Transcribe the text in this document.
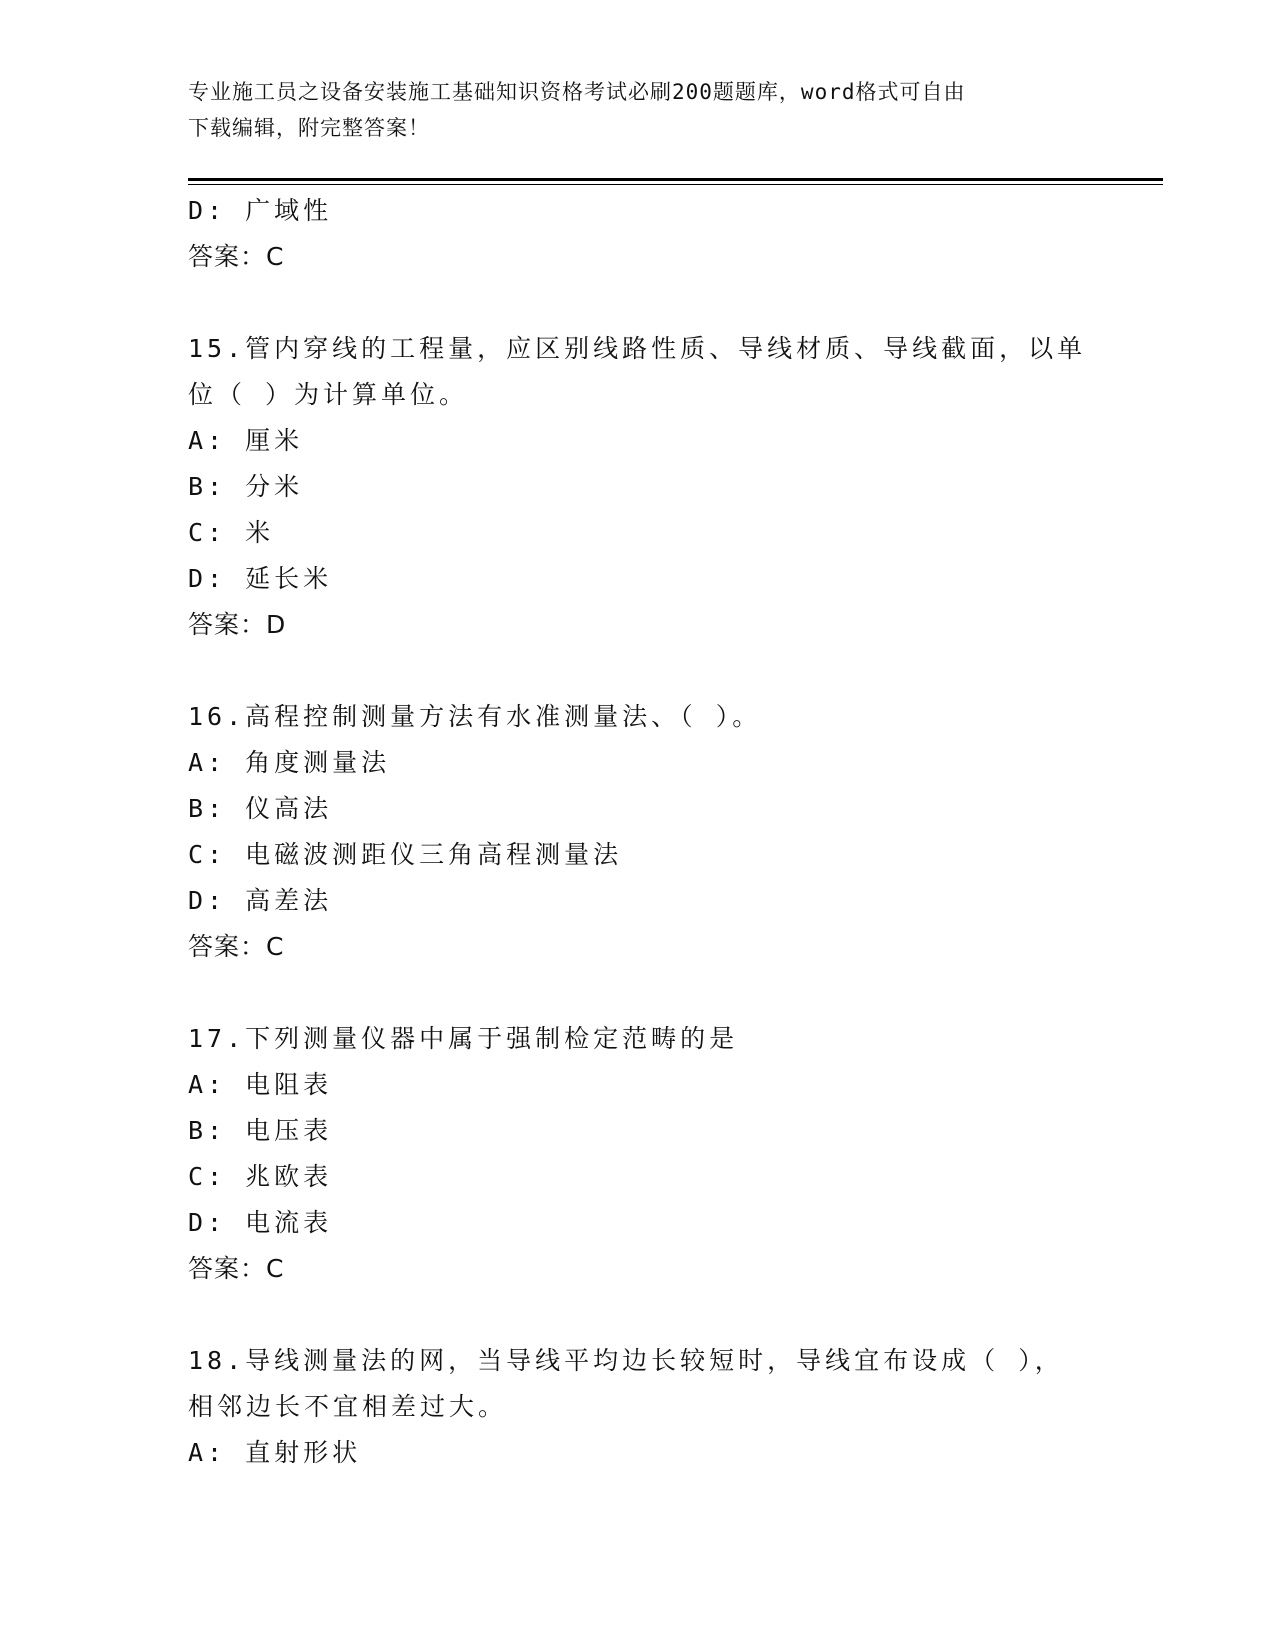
专业施工员之设备安装施工基础知识资格考试必刷200题题库，word格式可自由
下载编辑，附完整答案！
D: 广域性
答案：C
15.管内穿线的工程量，应区别线路性质、导线材质、导线截面，以单
位（ ）为计算单位。
A: 厘米
B: 分米
C: 米
D: 延长米
答案：D
16.高程控制测量方法有水准测量法、（ ）。
A: 角度测量法
B: 仪高法
C: 电磁波测距仪三角高程测量法
D: 高差法
答案：C
17.下列测量仪器中属于强制检定范畴的是
A: 电阻表
B: 电压表
C: 兆欧表
D: 电流表
答案：C
18.导线测量法的网，当导线平均边长较短时，导线宜布设成（ ），
相邻边长不宜相差过大。
A: 直射形状
